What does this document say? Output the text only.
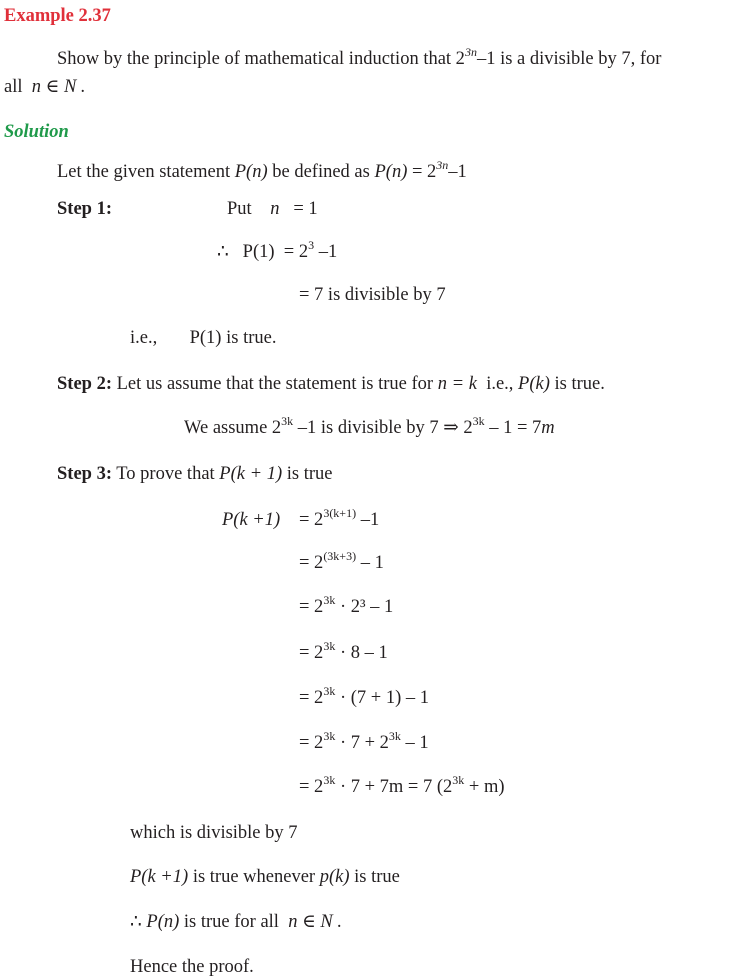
Example 2.37
Show by the principle of mathematical induction that $2^{3n}-1$ is a divisible by 7, for
all n ∈ N .
Solution
Let the given statement P(n) be defined as $P(n) = 2^{3n}-1$
Step 1:	Put n = 1
∴ $P(1) = 2^3$ –1
= 7 is divisible by 7
i.e., P(1) is true.
Step 2: Let us assume that the statement is true for n = k i.e., P(k) is true.
We assume $2^{3k}$ –1 is divisible by 7 ⇒ $2^{3k} - 1 = 7m$
Step 3: To prove that P(k + 1) is true
$P(k +1) = 2^{3(k+1)}$ –1
= $2^{(3k+3)} - 1$
= $2^{3k} \cdot 2^3 - 1$
= $2^{3k} \cdot 8 - 1$
= $2^{3k} \cdot (7 + 1) - 1$
= $2^{3k} \cdot 7 + 2^{3k} - 1$
= $2^{3k} \cdot 7 + 7m = 7$ $(2^{3k} + m)$
which is divisible by 7
P(k +1) is true whenever p(k) is true
∴ P(n) is true for all n ∈ N .
Hence the proof.
